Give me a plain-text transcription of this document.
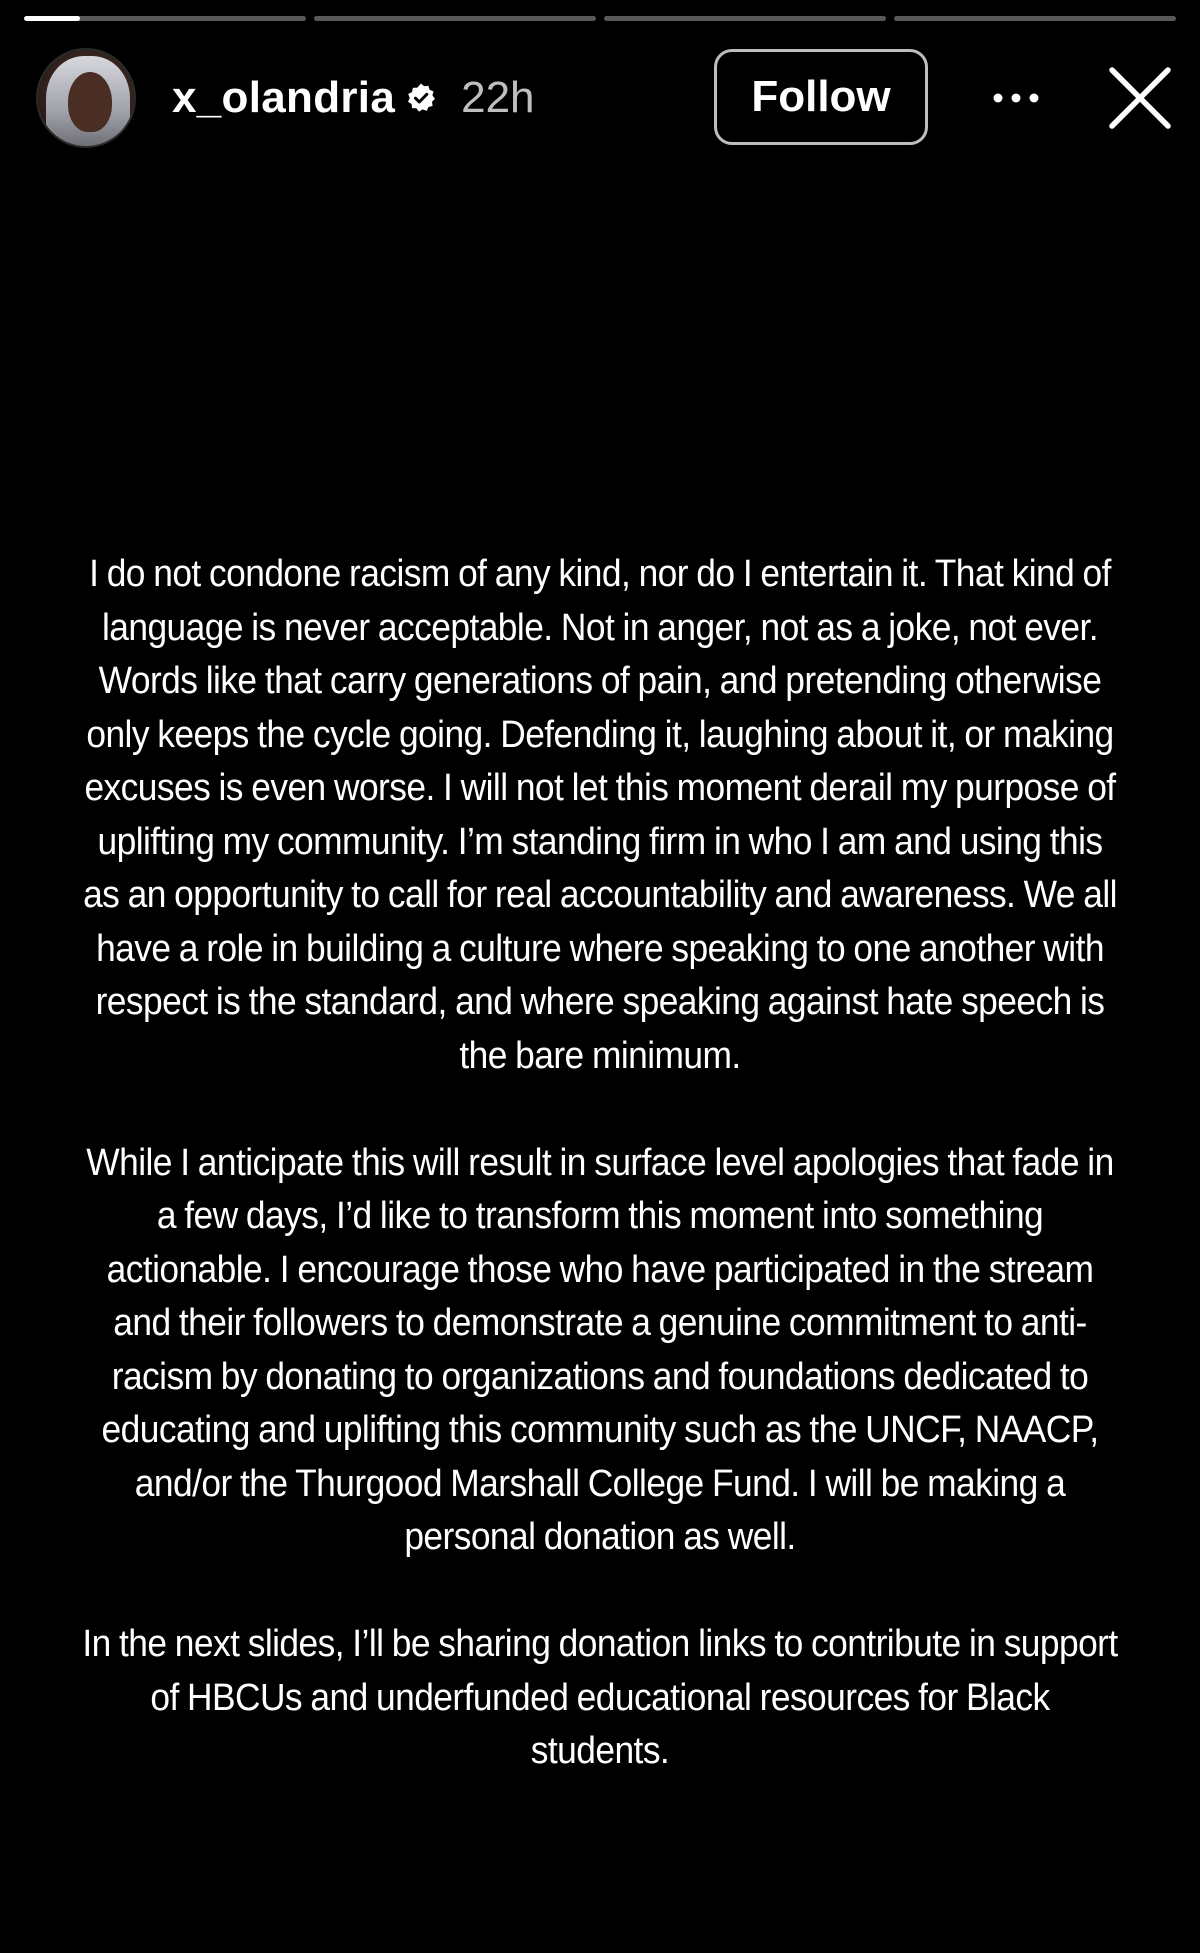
x_olandria 22h	Follow

I do not condone racism of any kind, nor do I entertain it. That kind of language is never acceptable. Not in anger, not as a joke, not ever. Words like that carry generations of pain, and pretending otherwise only keeps the cycle going. Defending it, laughing about it, or making excuses is even worse. I will not let this moment derail my purpose of uplifting my community. I’m standing firm in who I am and using this as an opportunity to call for real accountability and awareness. We all have a role in building a culture where speaking to one another with respect is the standard, and where speaking against hate speech is the bare minimum.

While I anticipate this will result in surface level apologies that fade in a few days, I’d like to transform this moment into something actionable. I encourage those who have participated in the stream and their followers to demonstrate a genuine commitment to anti-racism by donating to organizations and foundations dedicated to educating and uplifting this community such as the UNCF, NAACP, and/or the Thurgood Marshall College Fund. I will be making a personal donation as well.

In the next slides, I’ll be sharing donation links to contribute in support of HBCUs and underfunded educational resources for Black students.
